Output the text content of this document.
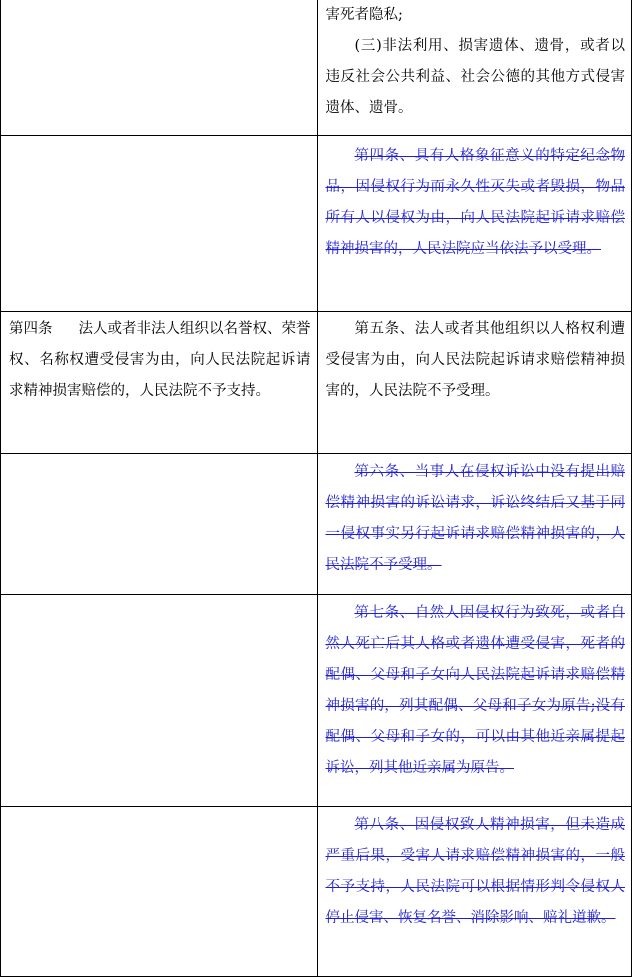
	害死者隐私;

(三)非法利用、损害遗体、遗骨，或者以违反社会公共利益、社会公德的其他方式侵害遗体、遗骨。

	第四条、具有人格象征意义的特定纪念物品，因侵权行为而永久性灭失或者毁损，物品所有人以侵权为由，向人民法院起诉请求赔偿精神损害的，人民法院应当依法予以受理。

第四条 法人或者非法人组织以名誉权、荣誉权、名称权遭受侵害为由，向人民法院起诉请求精神损害赔偿的，人民法院不予支持。	第五条、法人或者其他组织以人格权利遭受侵害为由，向人民法院起诉请求赔偿精神损害的，人民法院不予受理。

	第六条、当事人在侵权诉讼中没有提出赔偿精神损害的诉讼请求，诉讼终结后又基于同一侵权事实另行起诉请求赔偿精神损害的，人民法院不予受理。

	第七条、自然人因侵权行为致死，或者自然人死亡后其人格或者遗体遭受侵害，死者的配偶、父母和子女向人民法院起诉请求赔偿精神损害的，列其配偶、父母和子女为原告;没有配偶、父母和子女的，可以由其他近亲属提起诉讼，列其他近亲属为原告。

	第八条、因侵权致人精神损害，但未造成严重后果，受害人请求赔偿精神损害的，一般不予支持，人民法院可以根据情形判令侵权人停止侵害、恢复名誉、消除影响、赔礼道歉。
